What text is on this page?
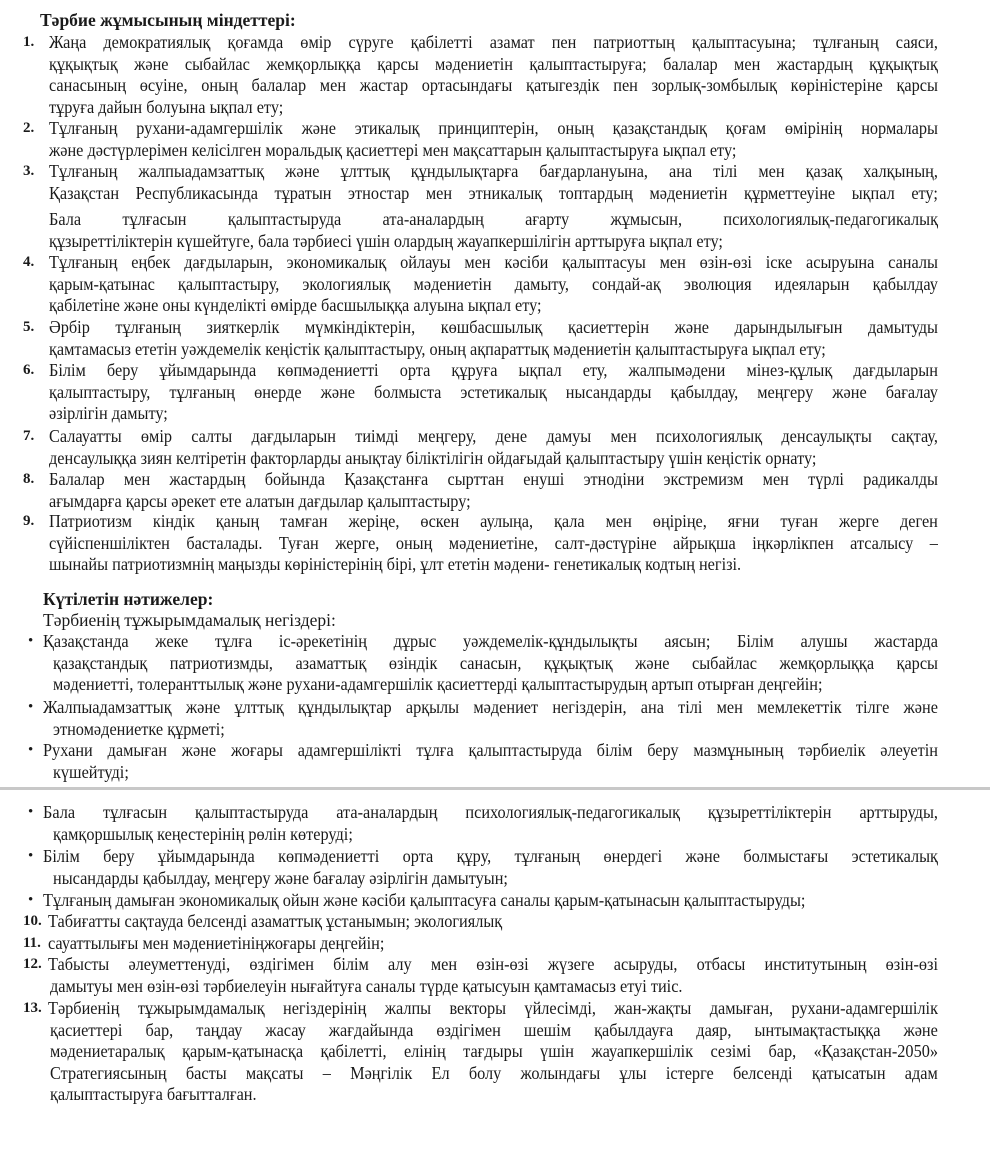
Тәрбие жұмысының міндеттері:
1. Жаңа демократиялық қоғамда өмір сүруге қабілетті азамат пен патриоттың қалыптасуына; тұлғаның саяси,
құқықтық және сыбайлас жемқорлыққа қарсы мәдениетін қалыптастыруға; балалар мен жастардың құқықтық
санасының өсуіне, оның балалар мен жастар ортасындағы қатыгездік пен зорлық-зомбылық көріністеріне қарсы
тұруға дайын болуына ықпал ету;
2. Тұлғаның рухани-адамгершілік және этикалық принциптерін, оның қазақстандық қоғам өмірінің нормалары
және дәстүрлерімен келісілген моральдық қасиеттері мен мақсаттарын қалыптастыруға ықпал ету;
3. Тұлғаның жалпыадамзаттық және ұлттық құндылықтарға бағдарлануына, ана тілі мен қазақ халқының,
Қазақстан Республикасында тұратын этностар мен этникалық топтардың мәдениетін құрметтеуіне ықпал ету;
Бала тұлғасын қалыптастыруда ата-аналардың ағарту жұмысын, психологиялық-педагогикалық
құзыреттіліктерін күшейтуге, бала тәрбиесі үшін олардың жауапкершілігін арттыруға ықпал ету;
4. Тұлғаның еңбек дағдыларын, экономикалық ойлауы мен кәсіби қалыптасуы мен өзін-өзі іске асыруына саналы
қарым-қатынас қалыптастыру, экологиялық мәдениетін дамыту, сондай-ақ эволюция идеяларын қабылдау
қабілетіне және оны күнделікті өмірде басшылыққа алуына ықпал ету;
5. Әрбір тұлғаның зияткерлік мүмкіндіктерін, көшбасшылық қасиеттерін және дарындылығын дамытуды
қамтамасыз ететін уәждемелік кеңістік қалыптастыру, оның ақпараттық мәдениетін қалыптастыруға ықпал ету;
6. Білім беру ұйымдарында көпмәдениетті орта құруға ықпал ету, жалпымәдени мінез-құлық дағдыларын
қалыптастыру, тұлғаның өнерде және болмыста эстетикалық нысандарды қабылдау, меңгеру және бағалау
әзірлігін дамыту;
7. Салауатты өмір салты дағдыларын тиімді меңгеру, дене дамуы мен психологиялық денсаулықты сақтау,
денсаулыққа зиян келтіретін факторларды анықтау біліктілігін ойдағыдай қалыптастыру үшін кеңістік орнату;
8. Балалар мен жастардың бойында Қазақстанға сырттан енуші этнодіни экстремизм мен түрлі радикалды
ағымдарға қарсы әрекет ете алатын дағдылар қалыптастыру;
9. Патриотизм кіндік қаның тамған жеріңе, өскен аулыңа, қала мен өңіріңе, яғни туған жерге деген
сүйіспеншіліктен басталады. Туған жерге, оның мәдениетіне, салт-дәстүріне айрықша іңкәрлікпен атсалысу –
шынайы патриотизмнің маңызды көріністерінің бірі, ұлт ететін мәдени- генетикалық кодтың негізі.
Күтілетін нәтижелер:
Тәрбиенің тұжырымдамалық негіздері:
• Қазақстанда жеке тұлға іс-әрекетінің дұрыс уәждемелік-құндылықты аясын; Білім алушы жастарда
қазақстандық патриотизмды, азаматтық өзіндік санасын, құқықтық және сыбайлас жемқорлыққа қарсы
мәдениетті, толеранттылық және рухани-адамгершілік қасиеттерді қалыптастырудың артып отырған деңгейін;
• Жалпыадамзаттық және ұлттық құндылықтар арқылы мәдениет негіздерін, ана тілі мен мемлекеттік тілге және
этномәдениетке құрметі;
• Рухани дамыған және жоғары адамгершілікті тұлға қалыптастыруда білім беру мазмұнының тәрбиелік әлеуетін
күшейтуді;
• Бала тұлғасын қалыптастыруда ата-аналардың психологиялық-педагогикалық құзыреттіліктерін арттыруды,
қамқоршылық кеңестерінің рөлін көтеруді;
• Білім беру ұйымдарында көпмәдениетті орта құру, тұлғаның өнердегі және болмыстағы эстетикалық
нысандарды қабылдау, меңгеру және бағалау әзірлігін дамытуын;
• Тұлғаның дамыған экономикалық ойын және кәсіби қалыптасуға саналы қарым-қатынасын қалыптастыруды;
10. Табиғатты сақтауда белсенді азаматтық ұстанымын; экологиялық
11. сауаттылығы мен мәдениетініңжоғары деңгейін;
12. Табысты әлеуметтенуді, өздігімен білім алу мен өзін-өзі жүзеге асыруды, отбасы институтының өзін-өзі
дамытуы мен өзін-өзі тәрбиелеуін нығайтуға саналы түрде қатысуын қамтамасыз етуі тиіс.
13. Тәрбиенің тұжырымдамалық негіздерінің жалпы векторы үйлесімді, жан-жақты дамыған, рухани-адамгершілік
қасиеттері бар, таңдау жасау жағдайында өздігімен шешім қабылдауға даяр, ынтымақтастыққа және
мәдениетаралық қарым-қатынасқа қабілетті, елінің тағдыры үшін жауапкершілік сезімі бар, «Қазақстан-2050»
Стратегиясының басты мақсаты – Мәңгілік Ел болу жолындағы ұлы істерге белсенді қатысатын адам
қалыптастыруға бағытталған.
